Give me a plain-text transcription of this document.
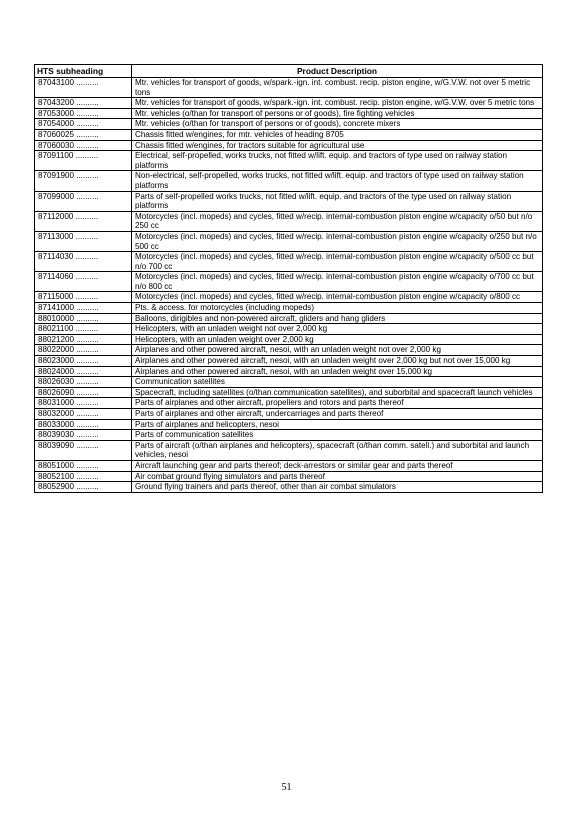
HTS subheading	Product Description
87043100 ..........	Mtr. vehicles for transport of goods, w/spark.-ign. int. combust. recip. piston engine, w/G.V.W. not over 5 metric tons
87043200 ..........	Mtr. vehicles for transport of goods, w/spark.-ign. int. combust. recip. piston engine, w/G.V.W. over 5 metric tons
87053000 ..........	Mtr. vehicles (o/than for transport of persons or of goods), fire fighting vehicles
87054000 ..........	Mtr. vehicles (o/than for transport of persons or of goods), concrete mixers
87060025 ..........	Chassis fitted w/engines, for mtr. vehicles of heading 8705
87060030 ..........	Chassis fitted w/engines, for tractors suitable for agricultural use
87091100 ..........	Electrical, self-propelled, works trucks, not fitted w/lift. equip. and tractors of type used on railway station platforms
87091900 ..........	Non-electrical, self-propelled, works trucks, not fitted w/lift. equip. and tractors of type used on railway station platforms
87099000 ..........	Parts of self-propelled works trucks, not fitted w/lift. equip. and tractors of the type used on railway station platforms
87112000 ..........	Motorcycles (incl. mopeds) and cycles, fitted w/recip. internal-combustion piston engine w/capacity o/50 but n/o 250 cc
87113000 ..........	Motorcycles (incl. mopeds) and cycles, fitted w/recip. internal-combustion piston engine w/capacity o/250 but n/o 500 cc
87114030 ..........	Motorcycles (incl. mopeds) and cycles, fitted w/recip. internal-combustion piston engine w/capacity o/500 cc but n/o 700 cc
87114060 ..........	Motorcycles (incl. mopeds) and cycles, fitted w/recip. internal-combustion piston engine w/capacity o/700 cc but n/o 800 cc
87115000 ..........	Motorcycles (incl. mopeds) and cycles, fitted w/recip. internal-combustion piston engine w/capacity o/800 cc
87141000 ..........	Pts. & access. for motorcycles (including mopeds)
88010000 ..........	Balloons, dirigibles and non-powered aircraft, gliders and hang gliders
88021100 ..........	Helicopters, with an unladen weight not over 2,000 kg
88021200 ..........	Helicopters, with an unladen weight over 2,000 kg
88022000 ..........	Airplanes and other powered aircraft, nesoi, with an unladen weight not over 2,000 kg
88023000 ..........	Airplanes and other powered aircraft, nesoi, with an unladen weight over 2,000 kg but not over 15,000 kg
88024000 ..........	Airplanes and other powered aircraft, nesoi, with an unladen weight over 15,000 kg
88026030 ..........	Communication satellites
88026090 ..........	Spacecraft, including satellites (o/than communication satellites), and suborbital and spacecraft launch vehicles
88031000 ..........	Parts of airplanes and other aircraft, propellers and rotors and parts thereof
88032000 ..........	Parts of airplanes and other aircraft, undercarriages and parts thereof
88033000 ..........	Parts of airplanes and helicopters, nesoi
88039030 ..........	Parts of communication satellites
88039090 ..........	Parts of aircraft (o/than airplanes and helicopters), spacecraft (o/than comm. satell.) and suborbital and launch vehicles, nesoi
88051000 ..........	Aircraft launching gear and parts thereof; deck-arrestors or similar gear and parts thereof
88052100 ..........	Air combat ground flying simulators and parts thereof
88052900 ..........	Ground flying trainers and parts thereof, other than air combat simulators
51
